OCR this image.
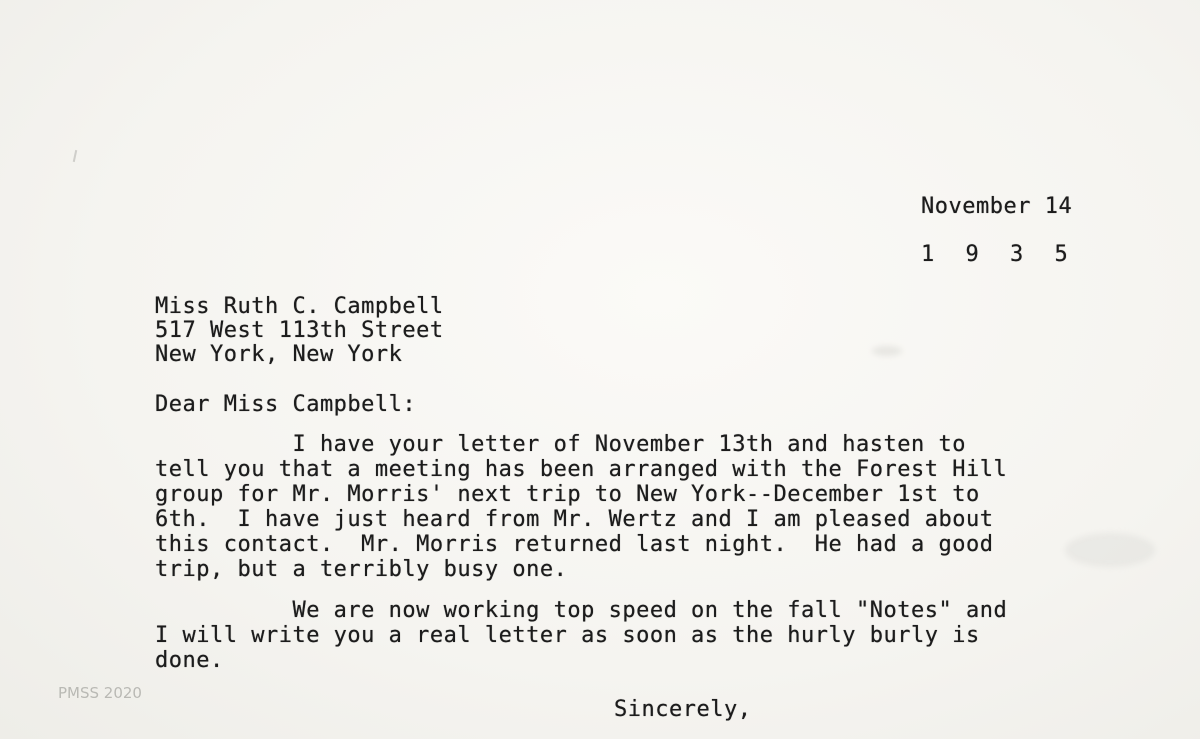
November 14
1 9 3 5
Miss Ruth C. Campbell
517 West 113th Street
New York, New York
Dear Miss Campbell:
I have your letter of November 13th and hasten to
tell you that a meeting has been arranged with the Forest Hill
group for Mr. Morris' next trip to New York--December 1st to
6th.  I have just heard from Mr. Wertz and I am pleased about
this contact.  Mr. Morris returned last night.  He had a good
trip, but a terribly busy one.
We are now working top speed on the fall "Notes" and
I will write you a real letter as soon as the hurly burly is
done.
Sincerely,
PMSS 2020
